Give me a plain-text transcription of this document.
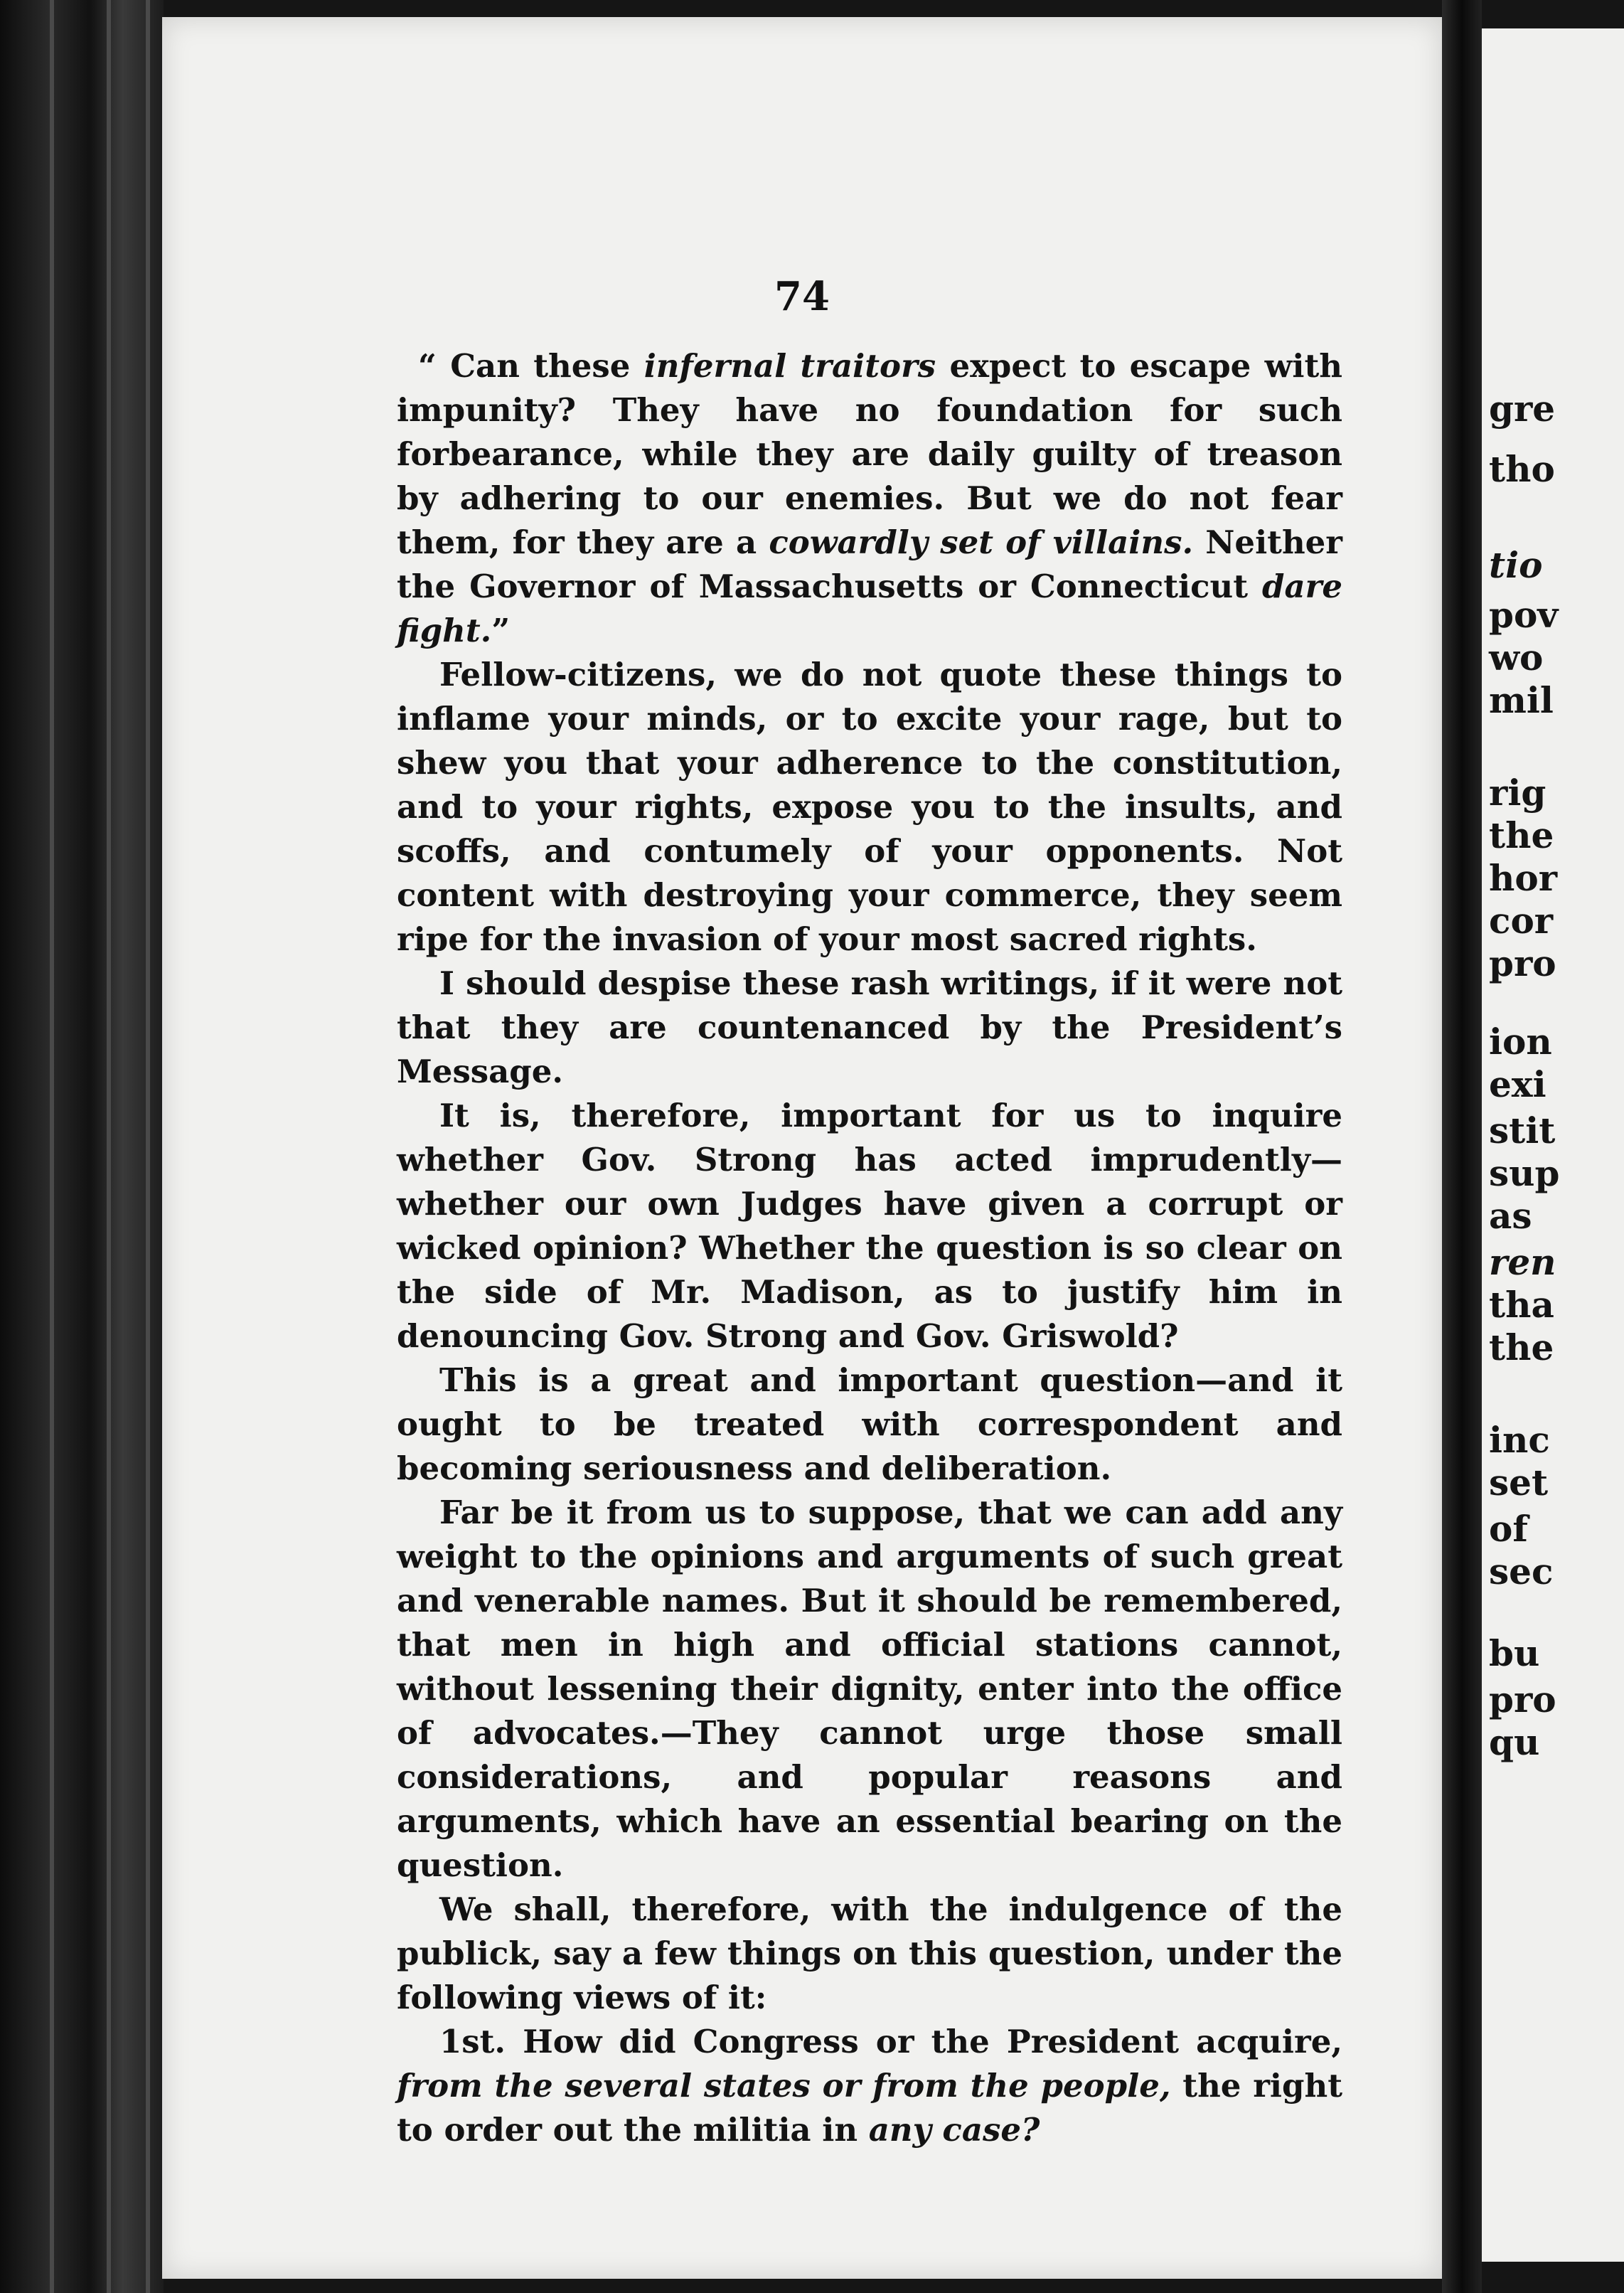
74

“ Can these infernal traitors expect to escape with impunity? They have no foundation for such forbearance, while they are daily guilty of treason by adhering to our enemies. But we do not fear them, for they are a cowardly set of villains. Neither the Governor of Massachusetts or Connecticut dare fight.”

Fellow-citizens, we do not quote these things to inflame your minds, or to excite your rage, but to shew you that your adherence to the constitution, and to your rights, expose you to the insults, and scoffs, and contumely of your opponents. Not content with destroying your commerce, they seem ripe for the invasion of your most sacred rights.

I should despise these rash writings, if it were not that they are countenanced by the President’s Message.

It is, therefore, important for us to inquire whether Gov. Strong has acted imprudently—whether our own Judges have given a corrupt or wicked opinion? Whether the question is so clear on the side of Mr. Madison, as to justify him in denouncing Gov. Strong and Gov. Griswold?

This is a great and important question—and it ought to be treated with correspondent and becoming seriousness and deliberation.

Far be it from us to suppose, that we can add any weight to the opinions and arguments of such great and venerable names. But it should be remembered, that men in high and official stations cannot, without lessening their dignity, enter into the office of advocates.—They cannot urge those small considerations, and popular reasons and arguments, which have an essential bearing on the question.

We shall, therefore, with the indulgence of the publick, say a few things on this question, under the following views of it:

1st. How did Congress or the President acquire, from the several states or from the people, the right to order out the militia in any case?

gre
tho
tio
pov
wo
mil
rig
the
hor
cor
pro
ion
exi
stit
sup
as
ren
tha
the
inc
set
of
sec
bu
pro
qu
